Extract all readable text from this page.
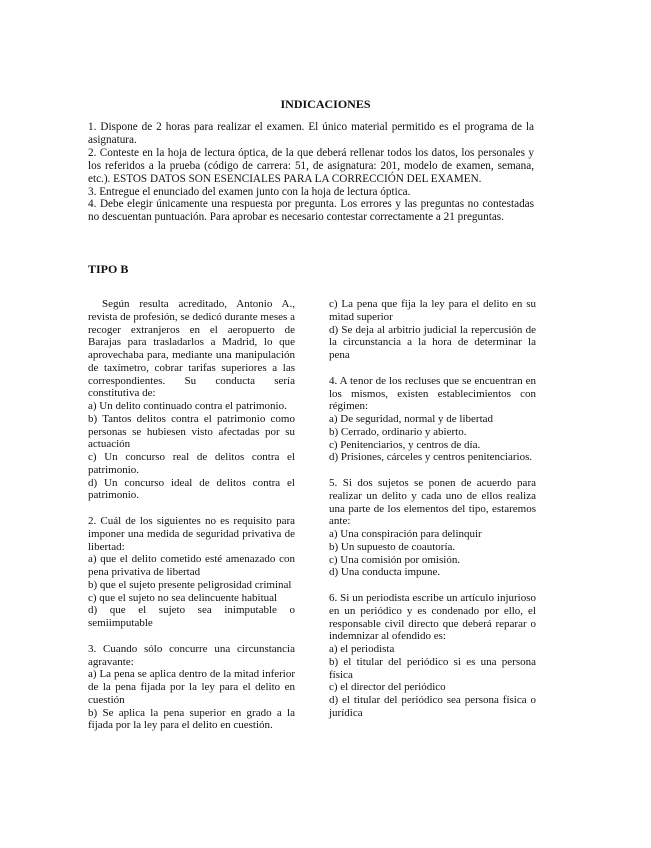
INDICACIONES

1. Dispone de 2 horas para realizar el examen. El único material permitido es el programa de la asignatura.

2. Conteste en la hoja de lectura óptica, de la que deberá rellenar todos los datos, los personales y los referidos a la prueba (código de carrera: 51, de asignatura: 201, modelo de examen, semana, etc.). ESTOS DATOS SON ESENCIALES PARA LA CORRECCIÓN DEL EXAMEN.

3. Entregue el enunciado del examen junto con la hoja de lectura óptica.

4. Debe elegir únicamente una respuesta por pregunta. Los errores y las preguntas no contestadas no descuentan puntuación. Para aprobar es necesario contestar correctamente a 21 preguntas.

TIPO B
Según resulta acreditado, Antonio A., revista de profesión, se dedicó durante meses a recoger extranjeros en el aeropuerto de Barajas para trasladarlos a Madrid, lo que aprovechaba para, mediante una manipulación de taxímetro, cobrar tarifas superiores a las correspondientes. Su conducta sería constitutiva de:
a) Un delito continuado contra el patrimonio.
b) Tantos delitos contra el patrimonio como personas se hubiesen visto afectadas por su actuación
c) Un concurso real de delitos contra el patrimonio.
d) Un concurso ideal de delitos contra el patrimonio.
2. Cuál de los siguientes no es requisito para imponer una medida de seguridad privativa de libertad:
a) que el delito cometido esté amenazado con pena privativa de libertad
b) que el sujeto presente peligrosidad criminal
c) que el sujeto no sea delincuente habitual
d) que el sujeto sea inimputable o semiimputable
3. Cuando sólo concurre una circunstancia agravante:
a) La pena se aplica dentro de la mitad inferior de la pena fijada por la ley para el delito en cuestión
b) Se aplica la pena superior en grado a la fijada por la ley para el delito en cuestión.
c) La pena que fija la ley para el delito en su mitad superior
d) Se deja al arbitrio judicial la repercusión de la circunstancia a la hora de determinar la pena
4. A tenor de los recluses que se encuentran en los mismos, existen establecimientos con régimen:
a) De seguridad, normal y de libertad
b) Cerrado, ordinario y abierto.
c) Penitenciarios, y centros de día.
d) Prisiones, cárceles y centros penitenciarios.
5. Si dos sujetos se ponen de acuerdo para realizar un delito y cada uno de ellos realiza una parte de los elementos del tipo, estaremos ante:
a) Una conspiración para delinquir
b) Un supuesto de coautoría.
c) Una comisión por omisión.
d) Una conducta impune.
6. Si un periodista escribe un artículo injurioso en un periódico y es condenado por ello, el responsable civil directo que deberá reparar o indemnizar al ofendido es:
a) el periodista
b) el titular del periódico si es una persona física
c) el director del periódico
d) el titular del periódico sea persona física o jurídica
